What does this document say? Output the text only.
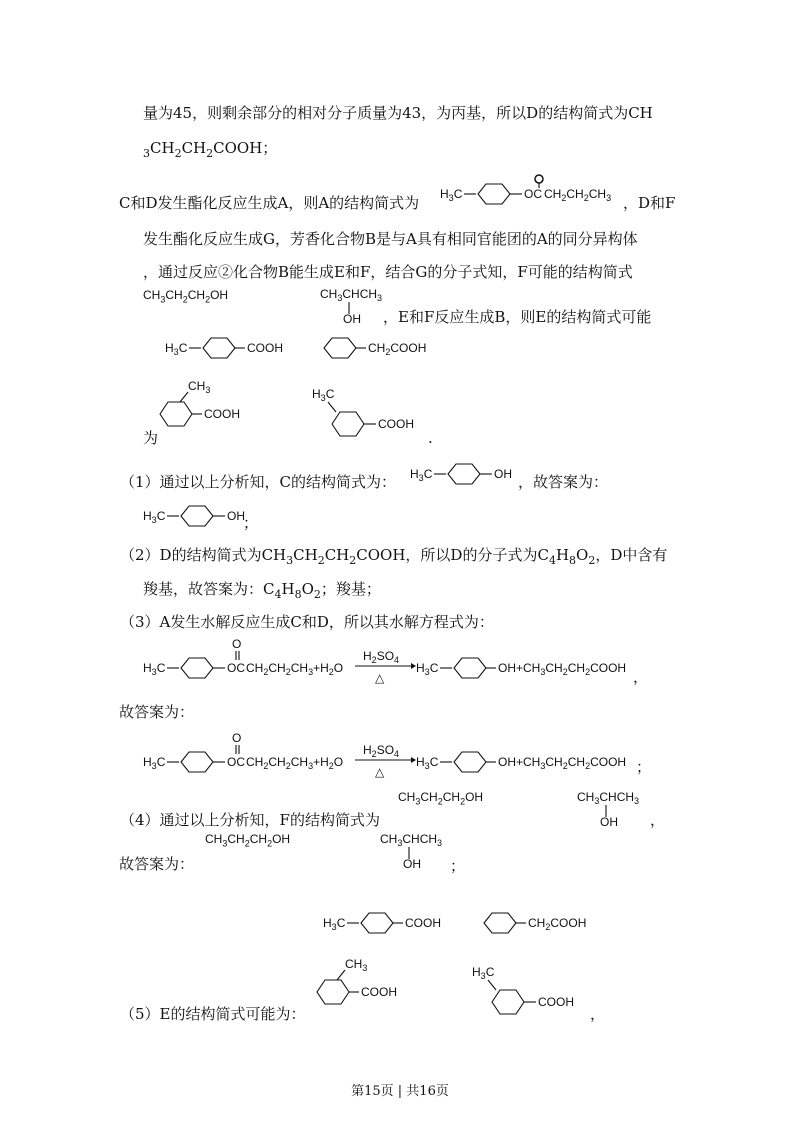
量为45，则剩余部分的相对分子质量为43，为丙基，所以D的结构简式为CH
$_3CH_2CH_2COOH$；
C和D发生酯化反应生成A，则A的结构简式为 $H_3C$	OC $CH_2CH_2CH_3$ ，D和F
发生酯化反应生成G，芳香化合物B是与A具有相同官能团的A的同分异构体
，通过反应②化合物B能生成E和F，结合G的分子式知，F可能的结构简式
$CH_3CH_2CH_2OH$	$CH_3CHCH_3$
OH ，E和F反应生成B，则E的结构简式可能
$H_3C$	COOH	$CH_2COOH$
为
$CH_3$
COOH
$H_3C$
COOH
.
（1）通过以上分析知，C的结构简式为： $H_3C$	OH ，故答案为：
$H_3C$	OH
；
（2）D的结构简式为$CH_3CH_2CH_2COOH$，所以D的分子式为$C_4H_8O_2$，D中含有
羧基，故答案为：$C_4H_8O_2$；羧基；
（3）A发生水解反应生成C和D，所以其水解方程式为：
$H_3C$	OC
O
$CH_2CH_2CH_3+H_2O$
$H_2SO_4$
△
$H_3C$	$OH+CH_3CH_2CH_2COOH$ ，
故答案为：
$H_3C$	OC
O
$CH_2CH_2CH_3+H_2O$
$H_2SO_4$
△
$H_3C$	$OH+CH_3CH_2CH_2COOH$ ；
$CH_3CH_2CH_2OH$	$CH_3CHCH_3$
OH
（4）通过以上分析知，F的结构简式为	，
$CH_3CH_2CH_2OH$	$CH_3CHCH_3$
OH
故答案为：	；
$H_3C$	COOH	$CH_2COOH$
（5）E的结构简式可能为：
$CH_3$
COOH
$H_3C$
COOH
，
第15页 | 共16页
